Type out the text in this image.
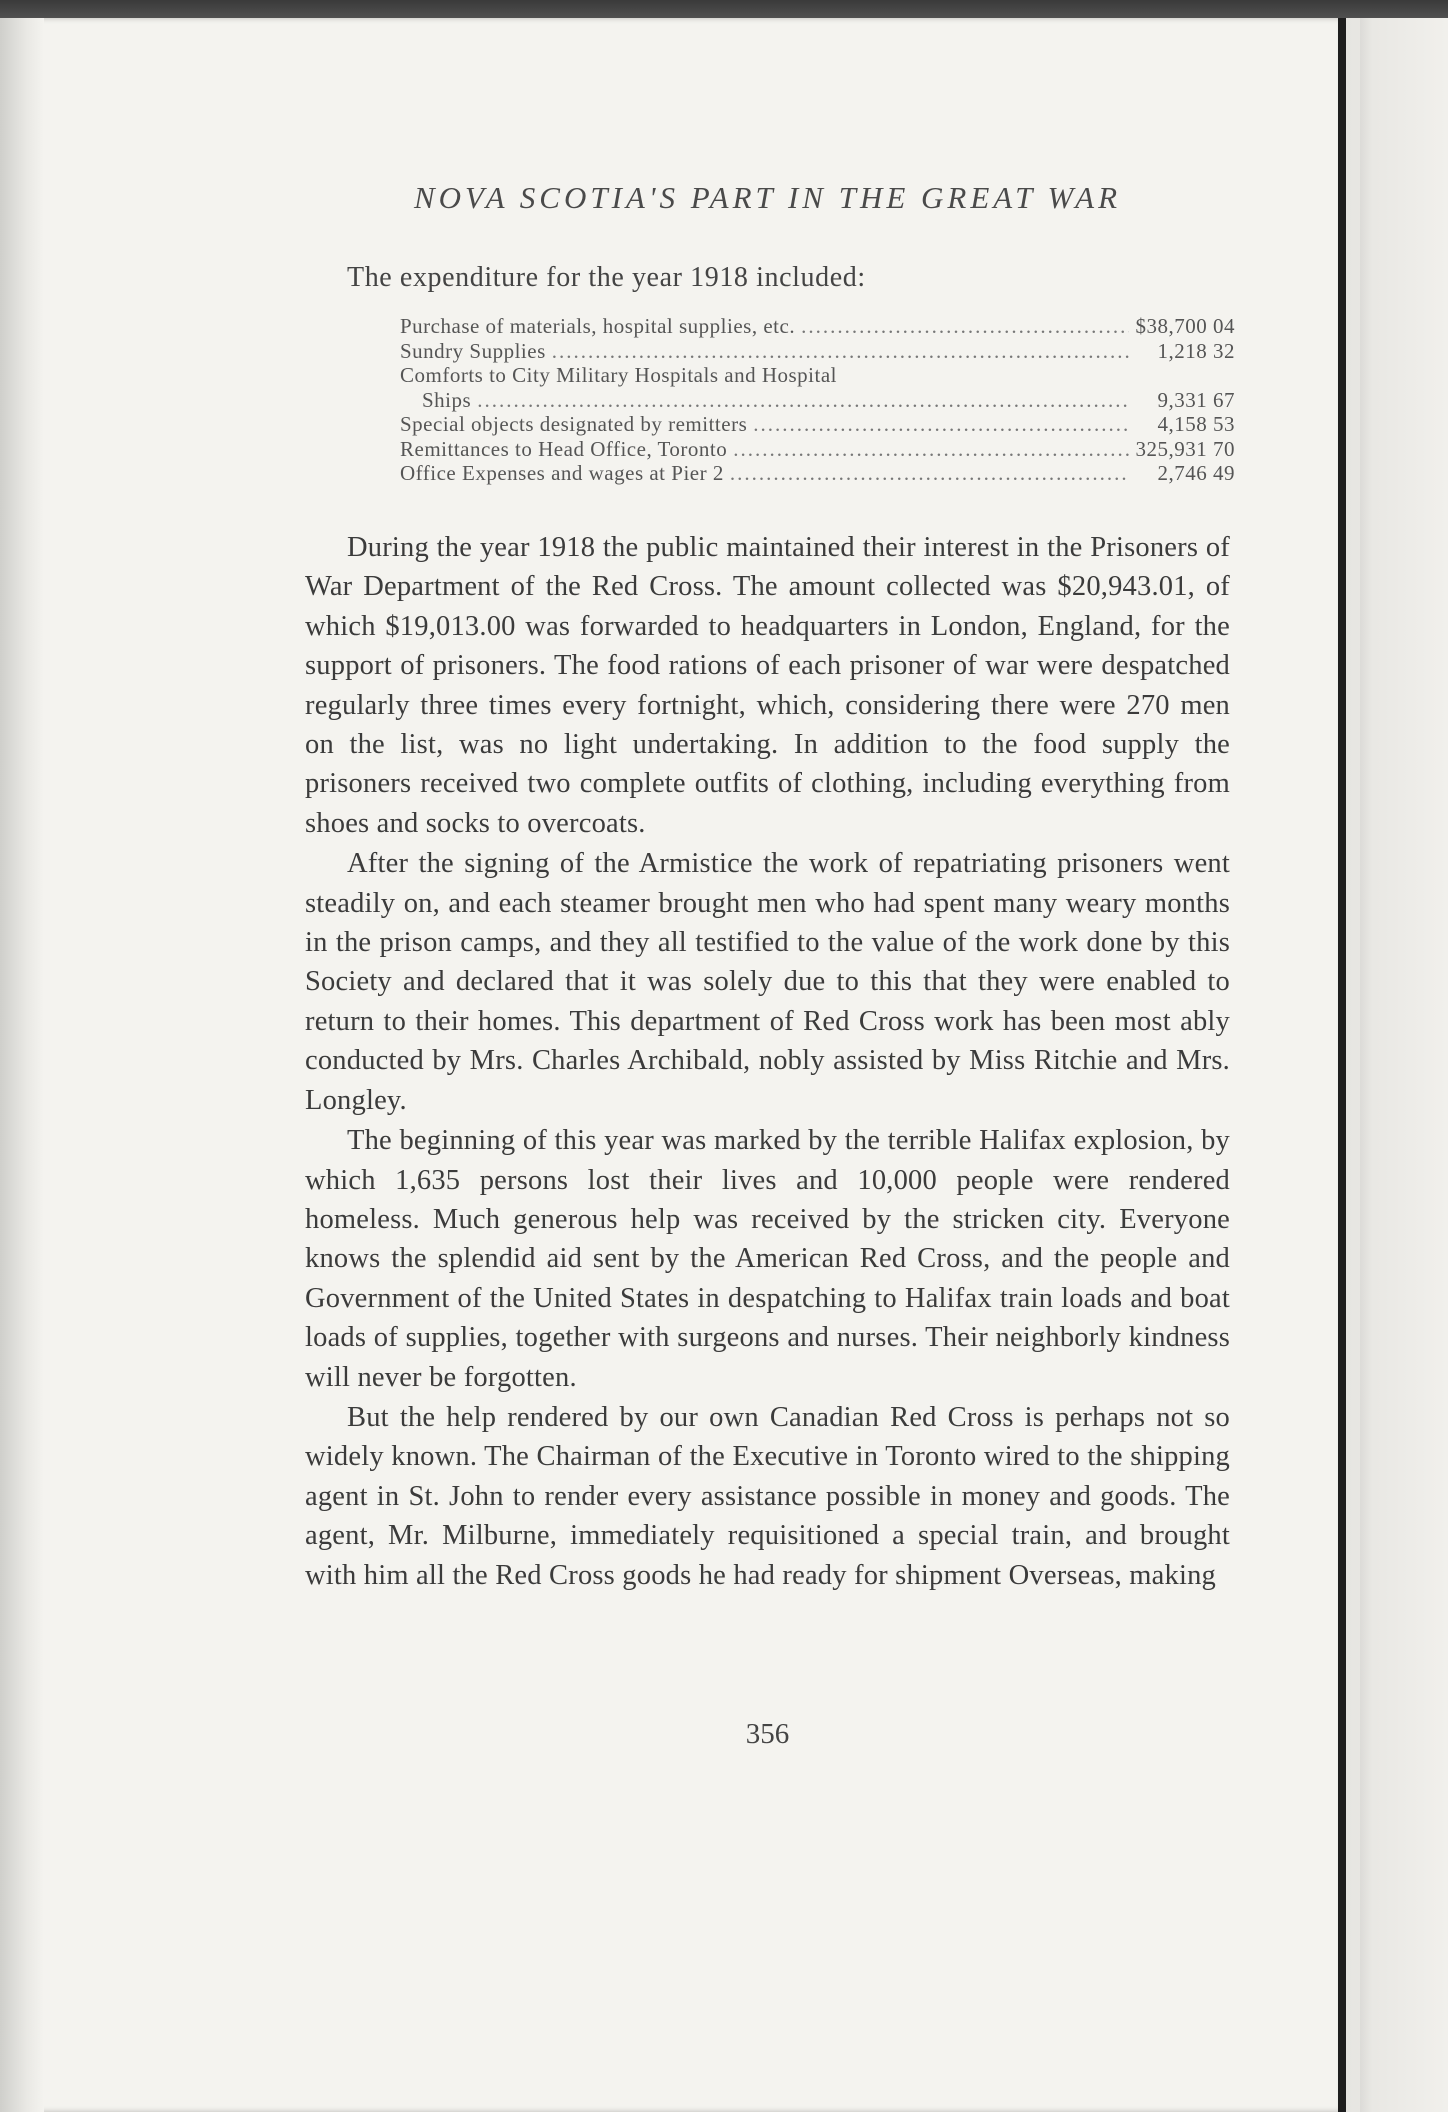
NOVA SCOTIA'S PART IN THE GREAT WAR
The expenditure for the year 1918 included:
Purchase of materials, hospital supplies, etc. .....	$38,700 04
Sundry Supplies .....	1,218 32
Comforts to City Military Hospitals and Hospital
Ships .....	9,331 67
Special objects designated by remitters .....	4,158 53
Remittances to Head Office, Toronto .....	325,931 70
Office Expenses and wages at Pier 2 .....	2,746 49

During the year 1918 the public maintained their interest in the Prisoners of War Department of the Red Cross. The amount collected was $20,943.01, of which $19,013.00 was forwarded to headquarters in London, England, for the support of prisoners. The food rations of each prisoner of war were despatched regularly three times every fortnight, which, considering there were 270 men on the list, was no light undertaking. In addition to the food supply the prisoners received two complete outfits of clothing, including everything from shoes and socks to overcoats.

After the signing of the Armistice the work of repatriating prisoners went steadily on, and each steamer brought men who had spent many weary months in the prison camps, and they all testified to the value of the work done by this Society and declared that it was solely due to this that they were enabled to return to their homes. This department of Red Cross work has been most ably conducted by Mrs. Charles Archibald, nobly assisted by Miss Ritchie and Mrs. Longley.

The beginning of this year was marked by the terrible Halifax explosion, by which 1,635 persons lost their lives and 10,000 people were rendered homeless. Much generous help was received by the stricken city. Everyone knows the splendid aid sent by the American Red Cross, and the people and Government of the United States in despatching to Halifax train loads and boat loads of supplies, together with surgeons and nurses. Their neighborly kindness will never be forgotten.

But the help rendered by our own Canadian Red Cross is perhaps not so widely known. The Chairman of the Executive in Toronto wired to the shipping agent in St. John to render every assistance possible in money and goods. The agent, Mr. Milburne, immediately requisitioned a special train, and brought with him all the Red Cross goods he had ready for shipment Overseas, making

356
